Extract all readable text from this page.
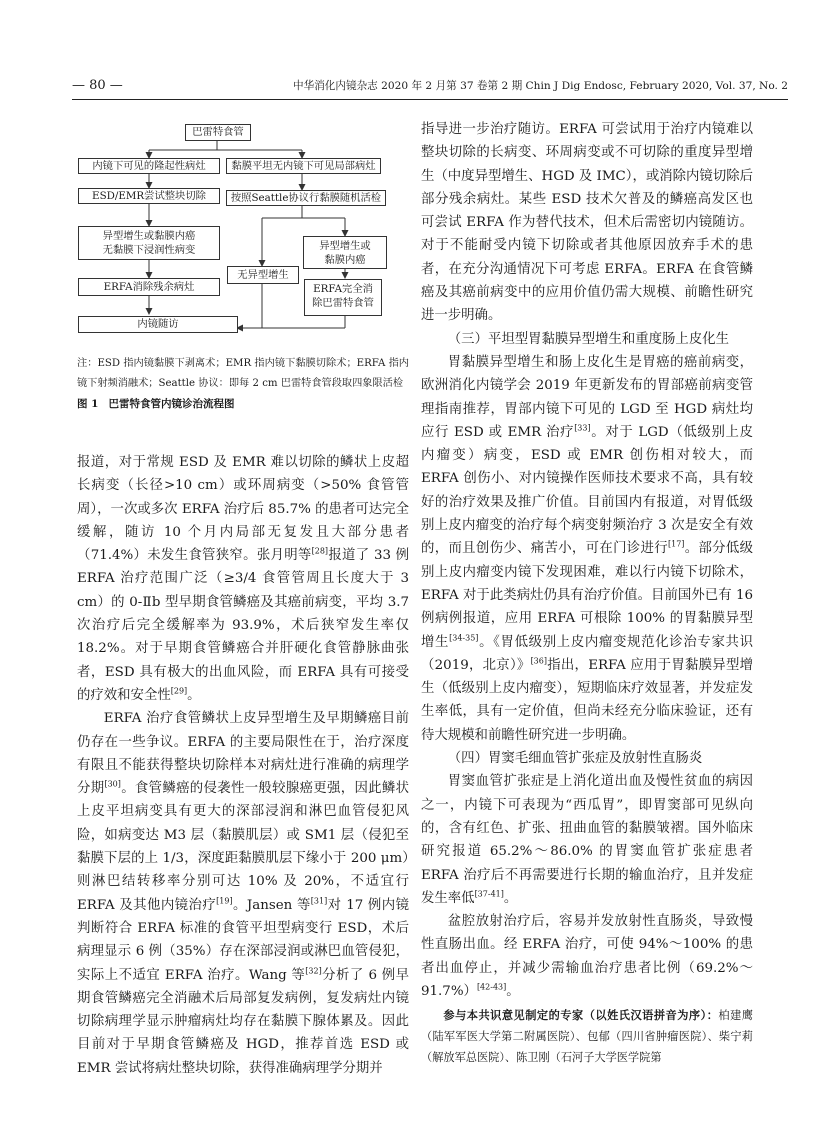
— 80 —	中华消化内镜杂志 2020 年 2 月第 37 卷第 2 期 Chin J Dig Endosc, February 2020, Vol. 37, No. 2
巴雷特食管
内镜下可见的隆起性病灶
ESD/EMR尝试整块切除
异型增生或黏膜内癌
无黏膜下浸润性病变
ERFA消除残余病灶
内镜随访
黏膜平坦无内镜下可见局部病灶
按照Seattle协议行黏膜随机活检
异型增生或
黏膜内癌
无异型增生
ERFA完全消
除巴雷特食管
注：ESD 指内镜黏膜下剥离术；EMR 指内镜下黏膜切除术；ERFA 指内镜下射频消融术；Seattle 协议：即每 2 cm 巴雷特食管段取四象限活检
图 1 巴雷特食管内镜诊治流程图

报道，对于常规 ESD 及 EMR 难以切除的鳞状上皮超长病变（长径>10 cm）或环周病变（>50% 食管管周），一次或多次 ERFA 治疗后 85.7% 的患者可达完全缓解，随访 10 个月内局部无复发且大部分患者（71.4%）未发生食管狭窄。张月明等[28]报道了 33 例 ERFA 治疗范围广泛（≥3/4 食管管周且长度大于 3 cm）的 0-Ⅱb 型早期食管鳞癌及其癌前病变，平均 3.7 次治疗后完全缓解率为 93.9%，术后狭窄发生率仅 18.2%。对于早期食管鳞癌合并肝硬化食管静脉曲张者，ESD 具有极大的出血风险，而 ERFA 具有可接受的疗效和安全性[29]。

ERFA 治疗食管鳞状上皮异型增生及早期鳞癌目前仍存在一些争议。ERFA 的主要局限性在于，治疗深度有限且不能获得整块切除样本对病灶进行准确的病理学分期[30]。食管鳞癌的侵袭性一般较腺癌更强，因此鳞状上皮平坦病变具有更大的深部浸润和淋巴血管侵犯风险，如病变达 M3 层（黏膜肌层）或 SM1 层（侵犯至黏膜下层的上 1/3，深度距黏膜肌层下缘小于 200 μm）则淋巴结转移率分别可达 10% 及 20%，不适宜行 ERFA 及其他内镜治疗[19]。Jansen 等[31]对 17 例内镜判断符合 ERFA 标准的食管平坦型病变行 ESD，术后病理显示 6 例（35%）存在深部浸润或淋巴血管侵犯，实际上不适宜 ERFA 治疗。Wang 等[32]分析了 6 例早期食管鳞癌完全消融术后局部复发病例，复发病灶内镜切除病理学显示肿瘤病灶均存在黏膜下腺体累及。因此目前对于早期食管鳞癌及 HGD，推荐首选 ESD 或 EMR 尝试将病灶整块切除，获得准确病理学分期并

指导进一步治疗随访。ERFA 可尝试用于治疗内镜难以整块切除的长病变、环周病变或不可切除的重度异型增生（中度异型增生、HGD 及 IMC），或消除内镜切除后部分残余病灶。某些 ESD 技术欠普及的鳞癌高发区也可尝试 ERFA 作为替代技术，但术后需密切内镜随访。对于不能耐受内镜下切除或者其他原因放弃手术的患者，在充分沟通情况下可考虑 ERFA。ERFA 在食管鳞癌及其癌前病变中的应用价值仍需大规模、前瞻性研究进一步明确。

（三）平坦型胃黏膜异型增生和重度肠上皮化生

胃黏膜异型增生和肠上皮化生是胃癌的癌前病变，欧洲消化内镜学会 2019 年更新发布的胃部癌前病变管理指南推荐，胃部内镜下可见的 LGD 至 HGD 病灶均应行 ESD 或 EMR 治疗[33]。对于 LGD（低级别上皮内瘤变）病变，ESD 或 EMR 创伤相对较大，而 ERFA 创伤小、对内镜操作医师技术要求不高，具有较好的治疗效果及推广价值。目前国内有报道，对胃低级别上皮内瘤变的治疗每个病变射频治疗 3 次是安全有效的，而且创伤少、痛苦小，可在门诊进行[17]。部分低级别上皮内瘤变内镜下发现困难，难以行内镜下切除术，ERFA 对于此类病灶仍具有治疗价值。目前国外已有 16 例病例报道，应用 ERFA 可根除 100% 的胃黏膜异型增生[34-35]。《胃低级别上皮内瘤变规范化诊治专家共识（2019，北京）》[36]指出，ERFA 应用于胃黏膜异型增生（低级别上皮内瘤变），短期临床疗效显著，并发症发生率低，具有一定价值，但尚未经充分临床验证，还有待大规模和前瞻性研究进一步明确。

（四）胃窦毛细血管扩张症及放射性直肠炎

胃窦血管扩张症是上消化道出血及慢性贫血的病因之一，内镜下可表现为“西瓜胃”，即胃窦部可见纵向的，含有红色、扩张、扭曲血管的黏膜皱褶。国外临床研究报道 65.2%～86.0% 的胃窦血管扩张症患者 ERFA 治疗后不再需要进行长期的输血治疗，且并发症发生率低[37-41]。

盆腔放射治疗后，容易并发放射性直肠炎，导致慢性直肠出血。经 ERFA 治疗，可使 94%～100% 的患者出血停止，并减少需输血治疗患者比例（69.2%～91.7%）[42-43]。

参与本共识意见制定的专家（以姓氏汉语拼音为序）：柏建鹰（陆军军医大学第二附属医院）、包郁（四川省肿瘤医院）、柴宁莉（解放军总医院）、陈卫刚（石河子大学医学院第
